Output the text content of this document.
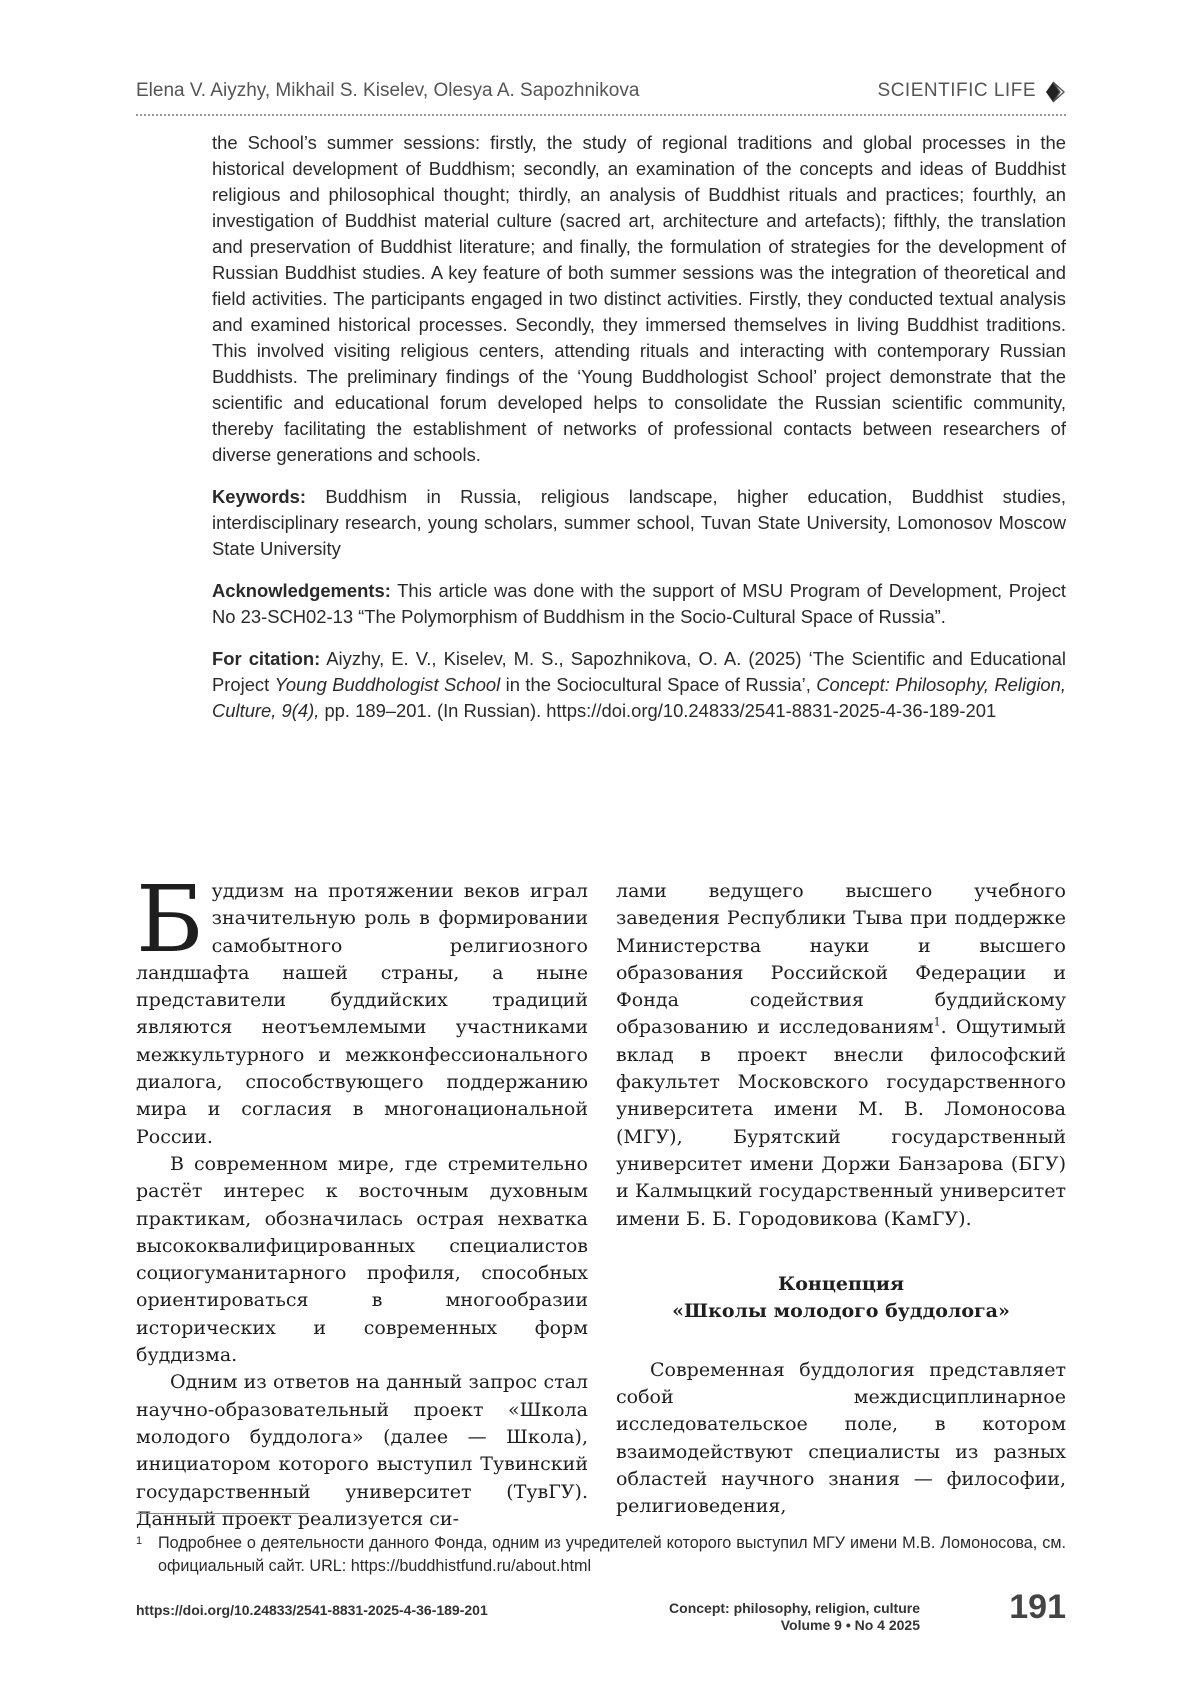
Elena V. Aiyzhy, Mikhail S. Kiselev, Olesya A. Sapozhnikova	SCIENTIFIC LIFE

the School’s summer sessions: firstly, the study of regional traditions and global processes in the historical development of Buddhism; secondly, an examination of the concepts and ideas of Buddhist religious and philosophical thought; thirdly, an analysis of Buddhist rituals and practices; fourthly, an investigation of Buddhist material culture (sacred art, architecture and artefacts); fifthly, the translation and preservation of Buddhist literature; and finally, the formulation of strategies for the development of Russian Buddhist studies. A key feature of both summer sessions was the integration of theoretical and field activities. The participants engaged in two distinct activities. Firstly, they conducted textual analysis and examined historical processes. Secondly, they immersed themselves in living Buddhist traditions. This involved visiting religious centers, attending rituals and interacting with contemporary Russian Buddhists. The preliminary findings of the ‘Young Buddhologist School’ project demonstrate that the scientific and educational forum developed helps to consolidate the Russian scientific community, thereby facilitating the establishment of networks of professional contacts between researchers of diverse generations and schools.

Keywords: Buddhism in Russia, religious landscape, higher education, Buddhist studies, interdisciplinary research, young scholars, summer school, Tuvan State University, Lomonosov Moscow State University

Acknowledgements: This article was done with the support of MSU Program of Development, Project No 23-SCH02-13 “The Polymorphism of Buddhism in the Socio-Cultural Space of Russia”.

For citation: Aiyzhy, E. V., Kiselev, M. S., Sapozhnikova, O. A. (2025) ‘The Scientific and Educational Project Young Buddhologist School in the Sociocultural Space of Russia’, Concept: Philosophy, Religion, Culture, 9(4), pp. 189–201. (In Russian). https://doi.org/10.24833/2541-8831-2025-4-36-189-201

Буддизм на протяжении веков играл значительную роль в формировании самобытного религиозного ландшафта нашей страны, а ныне представители буддийских традиций являются неотъемлемыми участниками межкультурного и межконфессионального диалога, способствующего поддержанию мира и согласия в многонациональной России.

В современном мире, где стремительно растёт интерес к восточным духовным практикам, обозначилась острая нехватка высококвалифицированных специалистов социогуманитарного профиля, способных ориентироваться в многообразии исторических и современных форм буддизма.

Одним из ответов на данный запрос стал научно-образовательный проект «Школа молодого буддолога» (далее — Школа), инициатором которого выступил Тувинский государственный университет (ТувГУ). Данный проект реализуется си-

лами ведущего высшего учебного заведения Республики Тыва при поддержке Министерства науки и высшего образования Российской Федерации и Фонда содействия буддийскому образованию и исследованиям$^1$. Ощутимый вклад в проект внесли философский факультет Московского государственного университета имени М. В. Ломоносова (МГУ), Бурятский государственный университет имени Доржи Банзарова (БГУ) и Калмыцкий государственный университет имени Б. Б. Городовикова (КамГУ).

Концепция
«Школы молодого буддолога»

Современная буддология представляет собой междисциплинарное исследовательское поле, в котором взаимодействуют специалисты из разных областей научного знания — философии, религиоведения,

1 Подробнее о деятельности данного Фонда, одним из учредителей которого выступил МГУ имени М.В. Ломоносова, см. официальный сайт. URL: https://buddhistfund.ru/about.html
https://doi.org/10.24833/2541-8831-2025-4-36-189-201	Concept: philosophy, religion, culture
Volume 9 • No 4 2025	191
